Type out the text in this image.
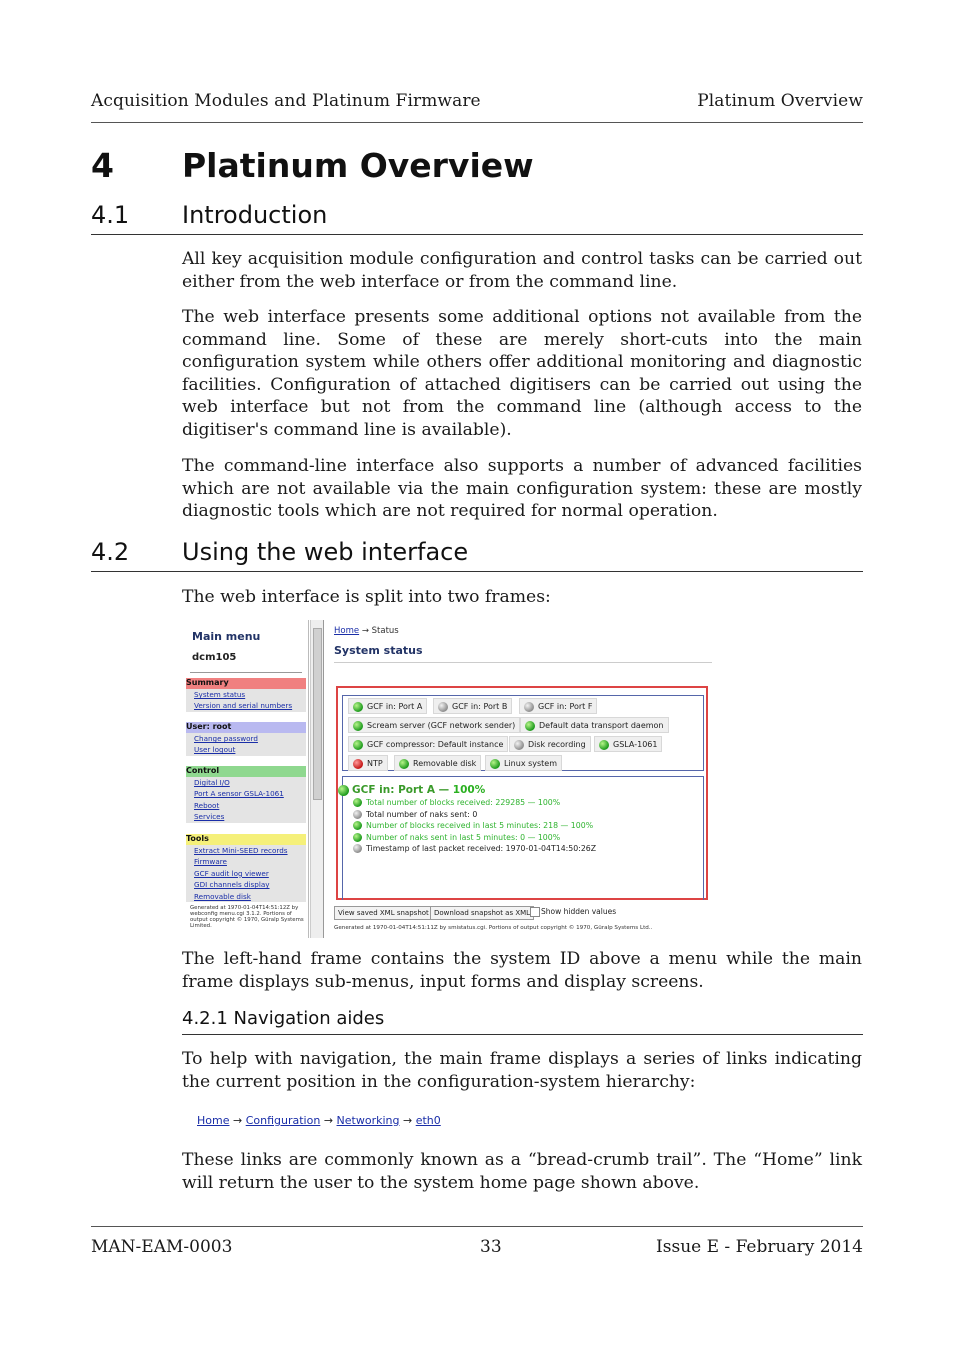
Acquisition Modules and Platinum Firmware	Platinum Overview
4 Platinum Overview
4.1 Introduction

All key acquisition module configuration and control tasks can be carried out either from the web interface or from the command line.

The web interface presents some additional options not available from the command line. Some of these are merely short-cuts into the main configuration system while others offer additional monitoring and diagnostic facilities. Configuration of attached digitisers can be carried out using the web interface but not from the command line (although access to the digitiser's command line is available).

The command-line interface also supports a number of advanced facilities which are not available via the main configuration system: these are mostly diagnostic tools which are not required for normal operation.

4.2 Using the web interface

The web interface is split into two frames:

Main menu
dcm105
Summary
System status
Version and serial numbers
User: root
Change password
User logout
Control
Digital I/O
Port A sensor GSLA-1061
Reboot
Services
Tools
Extract Mini-SEED records
Firmware
GCF audit log viewer
GDI channels display
Removable disk
Generated at 1970-01-04T14:51:12Z by webconfig menu.cgi 3.1.2. Portions of output copyright © 1970, Güralp Systems Limited.
Home → Status
System status
GCF in: Port A	GCF in: Port B	GCF in: Port F
Scream server (GCF network sender)	Default data transport daemon
GCF compressor: Default instance	Disk recording	GSLA-1061
NTP	Removable disk	Linux system
GCF in: Port A — 100%
Total number of blocks received: 229285 — 100%
Total number of naks sent: 0
Number of blocks received in last 5 minutes: 218 — 100%
Number of naks sent in last 5 minutes: 0 — 100%
Timestamp of last packet received: 1970-01-04T14:50:26Z
View saved XML snapshot Download snapshot as XML	Show hidden values
Generated at 1970-01-04T14:51:11Z by smistatus.cgi. Portions of output copyright © 1970, Güralp Systems Ltd..

The left-hand frame contains the system ID above a menu while the main frame displays sub-menus, input forms and display screens.

4.2.1 Navigation aides

To help with navigation, the main frame displays a series of links indicating the current position in the configuration-system hierarchy:

Home → Configuration → Networking → eth0

These links are commonly known as a “bread-crumb trail”. The “Home” link will return the user to the system home page shown above.

MAN-EAM-0003	33	Issue E - February 2014
